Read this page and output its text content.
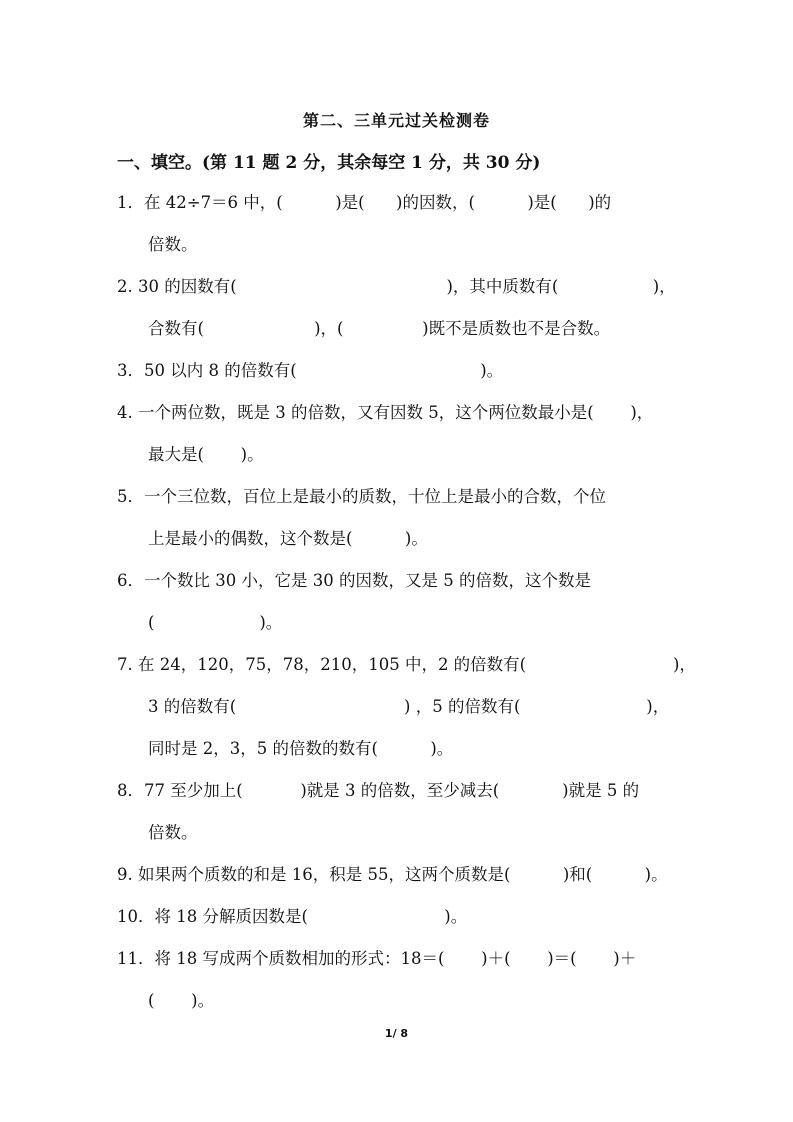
第二、三单元过关检测卷
一、填空。(第 11 题 2 分，其余每空 1 分，共 30 分)
1．在 42÷7＝6 中，(          )是(      )的因数，(          )是(      )的
倍数。
2. 30 的因数有(                                        )，其中质数有(                  )，
合数有(                     )，(               )既不是质数也不是合数。
3．50 以内 8 的倍数有(                                   )。
4. 一个两位数，既是 3 的倍数，又有因数 5，这个两位数最小是(       )，
最大是(       )。
5．一个三位数，百位上是最小的质数，十位上是最小的合数，个位
上是最小的偶数，这个数是(          )。
6．一个数比 30 小，它是 30 的因数，又是 5 的倍数，这个数是
(                    )。
7. 在 24，120，75，78，210，105 中，2 的倍数有(                            )，
3 的倍数有(                                ) ，5 的倍数有(                        )，
同时是 2，3，5 的倍数的数有(          )。
8．77 至少加上(           )就是 3 的倍数，至少减去(            )就是 5 的
倍数。
9. 如果两个质数的和是 16，积是 55，这两个质数是(          )和(          )。
10．将 18 分解质因数是(                          )。
11．将 18 写成两个质数相加的形式：18＝(       )＋(       )＝(       )＋
(       )。
1/ 8
